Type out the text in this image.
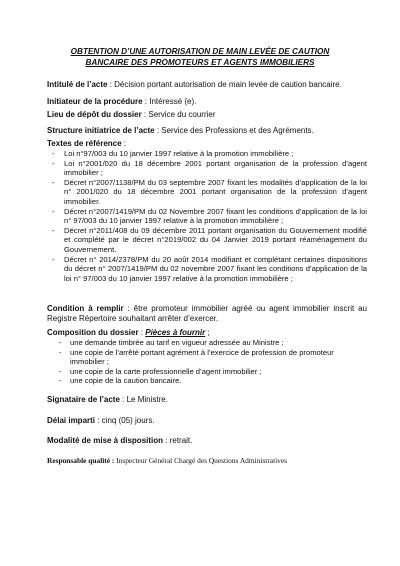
OBTENTION D’UNE AUTORISATION DE MAIN LEVÉE DE CAUTION
BANCAIRE DES PROMOTEURS ET AGENTS IMMOBILIERS
Intitulé de l’acte : Décision portant autorisation de main levée de caution bancaire.
Initiateur de la procédure : Intéressé (e).
Lieu de dépôt du dossier : Service du courrier
Structure initiatrice de l’acte : Service des Professions et des Agréments.
Textes de référence :
- Loi n°97/003 du 10 janvier 1997 relative à la promotion immobilière ;
- Loi n°2001/020 du 18 décembre 2001 portant organisation de la profession d’agent immobilier ;
- Décret n°2007/1138/PM du 03 septembre 2007 fixant les modalités d’application de la loi n° 2001/020 du 18 décembre 2001 portant organisation de la profession d’agent immobilier.
- Décret n°2007/1419/PM du 02 Novembre 2007 fixant les conditions d’application de la loi n° 97/003 du 10 janvier 1997 relative à la promotion immobilière ;
- Décret n°2011/408 du 09 décembre 2011 portant organisation du Gouvernement modifié et complété par le décret n°2019/002 du 04 Janvier 2019 portant réaménagement du Gouvernement.
- Décret n° 2014/2378/PM du 20 août 2014 modifiant et complétant certaines dispositions du décret n° 2007/1419/PM du 02 novembre 2007 fixant les conditions d’application de la loi n° 97/003 du 10 janvier 1997 relative à la promotion immobilière ;
Condition à remplir : être promoteur immobilier agréé ou agent immobilier inscrit au Registre Répertoire souhaitant arrêter d’exercer.
Composition du dossier : Pièces à fournir ;
- une demande timbrée au tarif en vigueur adressée au Ministre ;
- une copie de l’arrêté portant agrément à l’exercice de profession de promoteur immobilier ;
- une copie de la carte professionnelle d’agent immobilier ;
- une copie de la caution bancaire.
Signataire de l’acte : Le Ministre.
Délai imparti : cinq (05) jours.
Modalité de mise à disposition : retrait.
Responsable qualité : Inspecteur Général Chargé des Questions Administratives
